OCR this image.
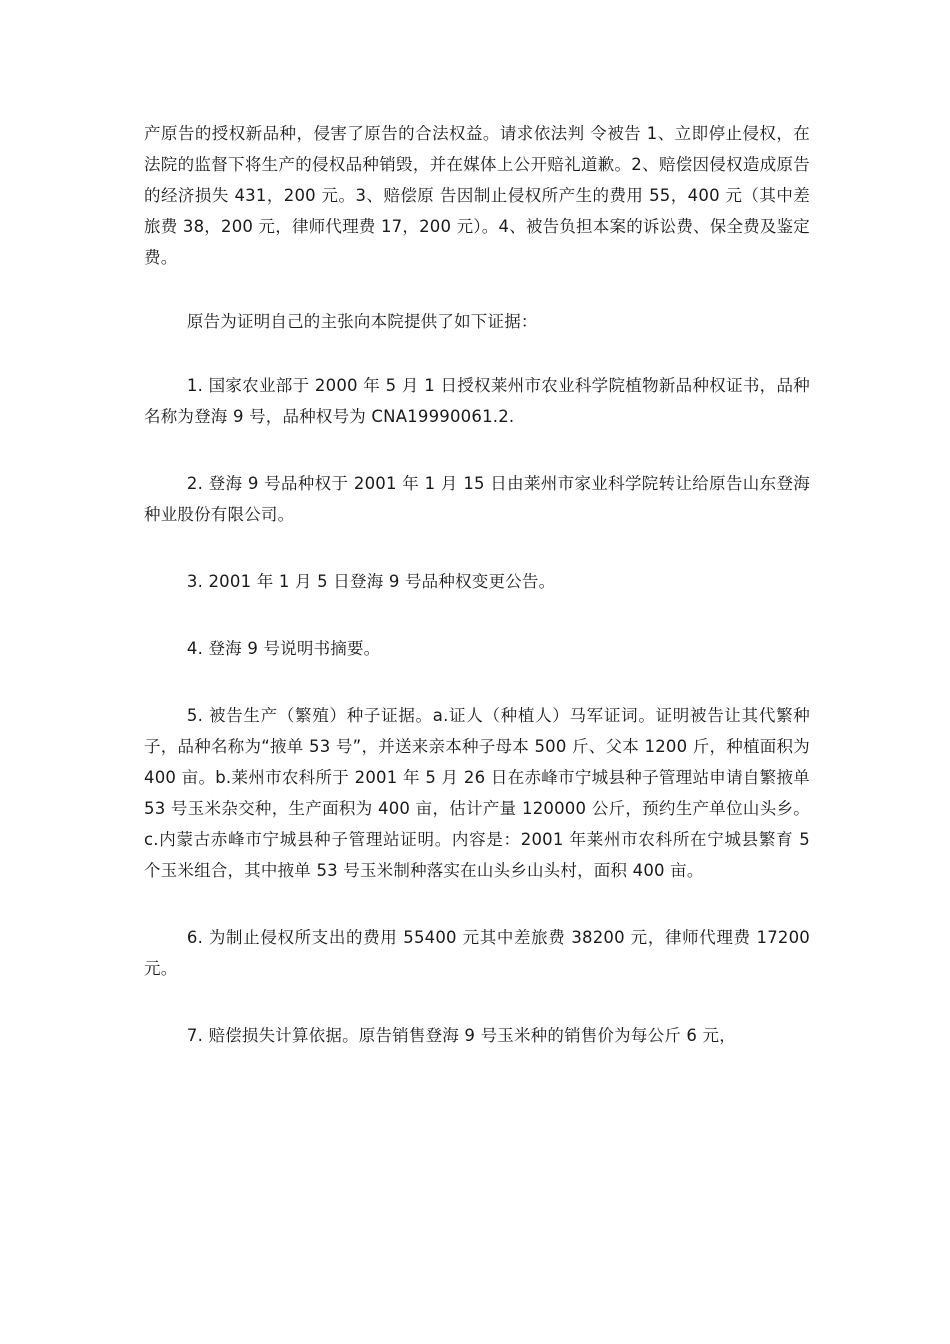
产原告的授权新品种，侵害了原告的合法权益。请求依法判 令被告 1、立即停止侵权，在法院的监督下将生产的侵权品种销毁，并在媒体上公开赔礼道歉。2、赔偿因侵权造成原告的经济损失 431，200 元。3、赔偿原 告因制止侵权所产生的费用 55，400 元（其中差旅费 38，200 元，律师代理费 17，200 元）。4、被告负担本案的诉讼费、保全费及鉴定费。

原告为证明自己的主张向本院提供了如下证据：

1. 国家农业部于 2000 年 5 月 1 日授权莱州市农业科学院植物新品种权证书，品种名称为登海 9 号，品种权号为 CNA19990061.2.

2. 登海 9 号品种权于 2001 年 1 月 15 日由莱州市家业科学院转让给原告山东登海种业股份有限公司。

3. 2001 年 1 月 5 日登海 9 号品种权变更公告。

4. 登海 9 号说明书摘要。

5. 被告生产（繁殖）种子证据。a.证人（种植人）马军证词。证明被告让其代繁种子，品种名称为“掖单 53 号”，并送来亲本种子母本 500 斤、父本 1200 斤，种植面积为 400 亩。b.莱州市农科所于 2001 年 5 月 26 日在赤峰市宁城县种子管理站申请自繁掖单 53 号玉米杂交种，生产面积为 400 亩，估计产量 120000 公斤，预约生产单位山头乡。c.内蒙古赤峰市宁城县种子管理站证明。内容是：2001 年莱州市农科所在宁城县繁育 5 个玉米组合，其中掖单 53 号玉米制种落实在山头乡山头村，面积 400 亩。

6. 为制止侵权所支出的费用 55400 元其中差旅费 38200 元，律师代理费 17200 元。

7. 赔偿损失计算依据。原告销售登海 9 号玉米种的销售价为每公斤 6 元，
